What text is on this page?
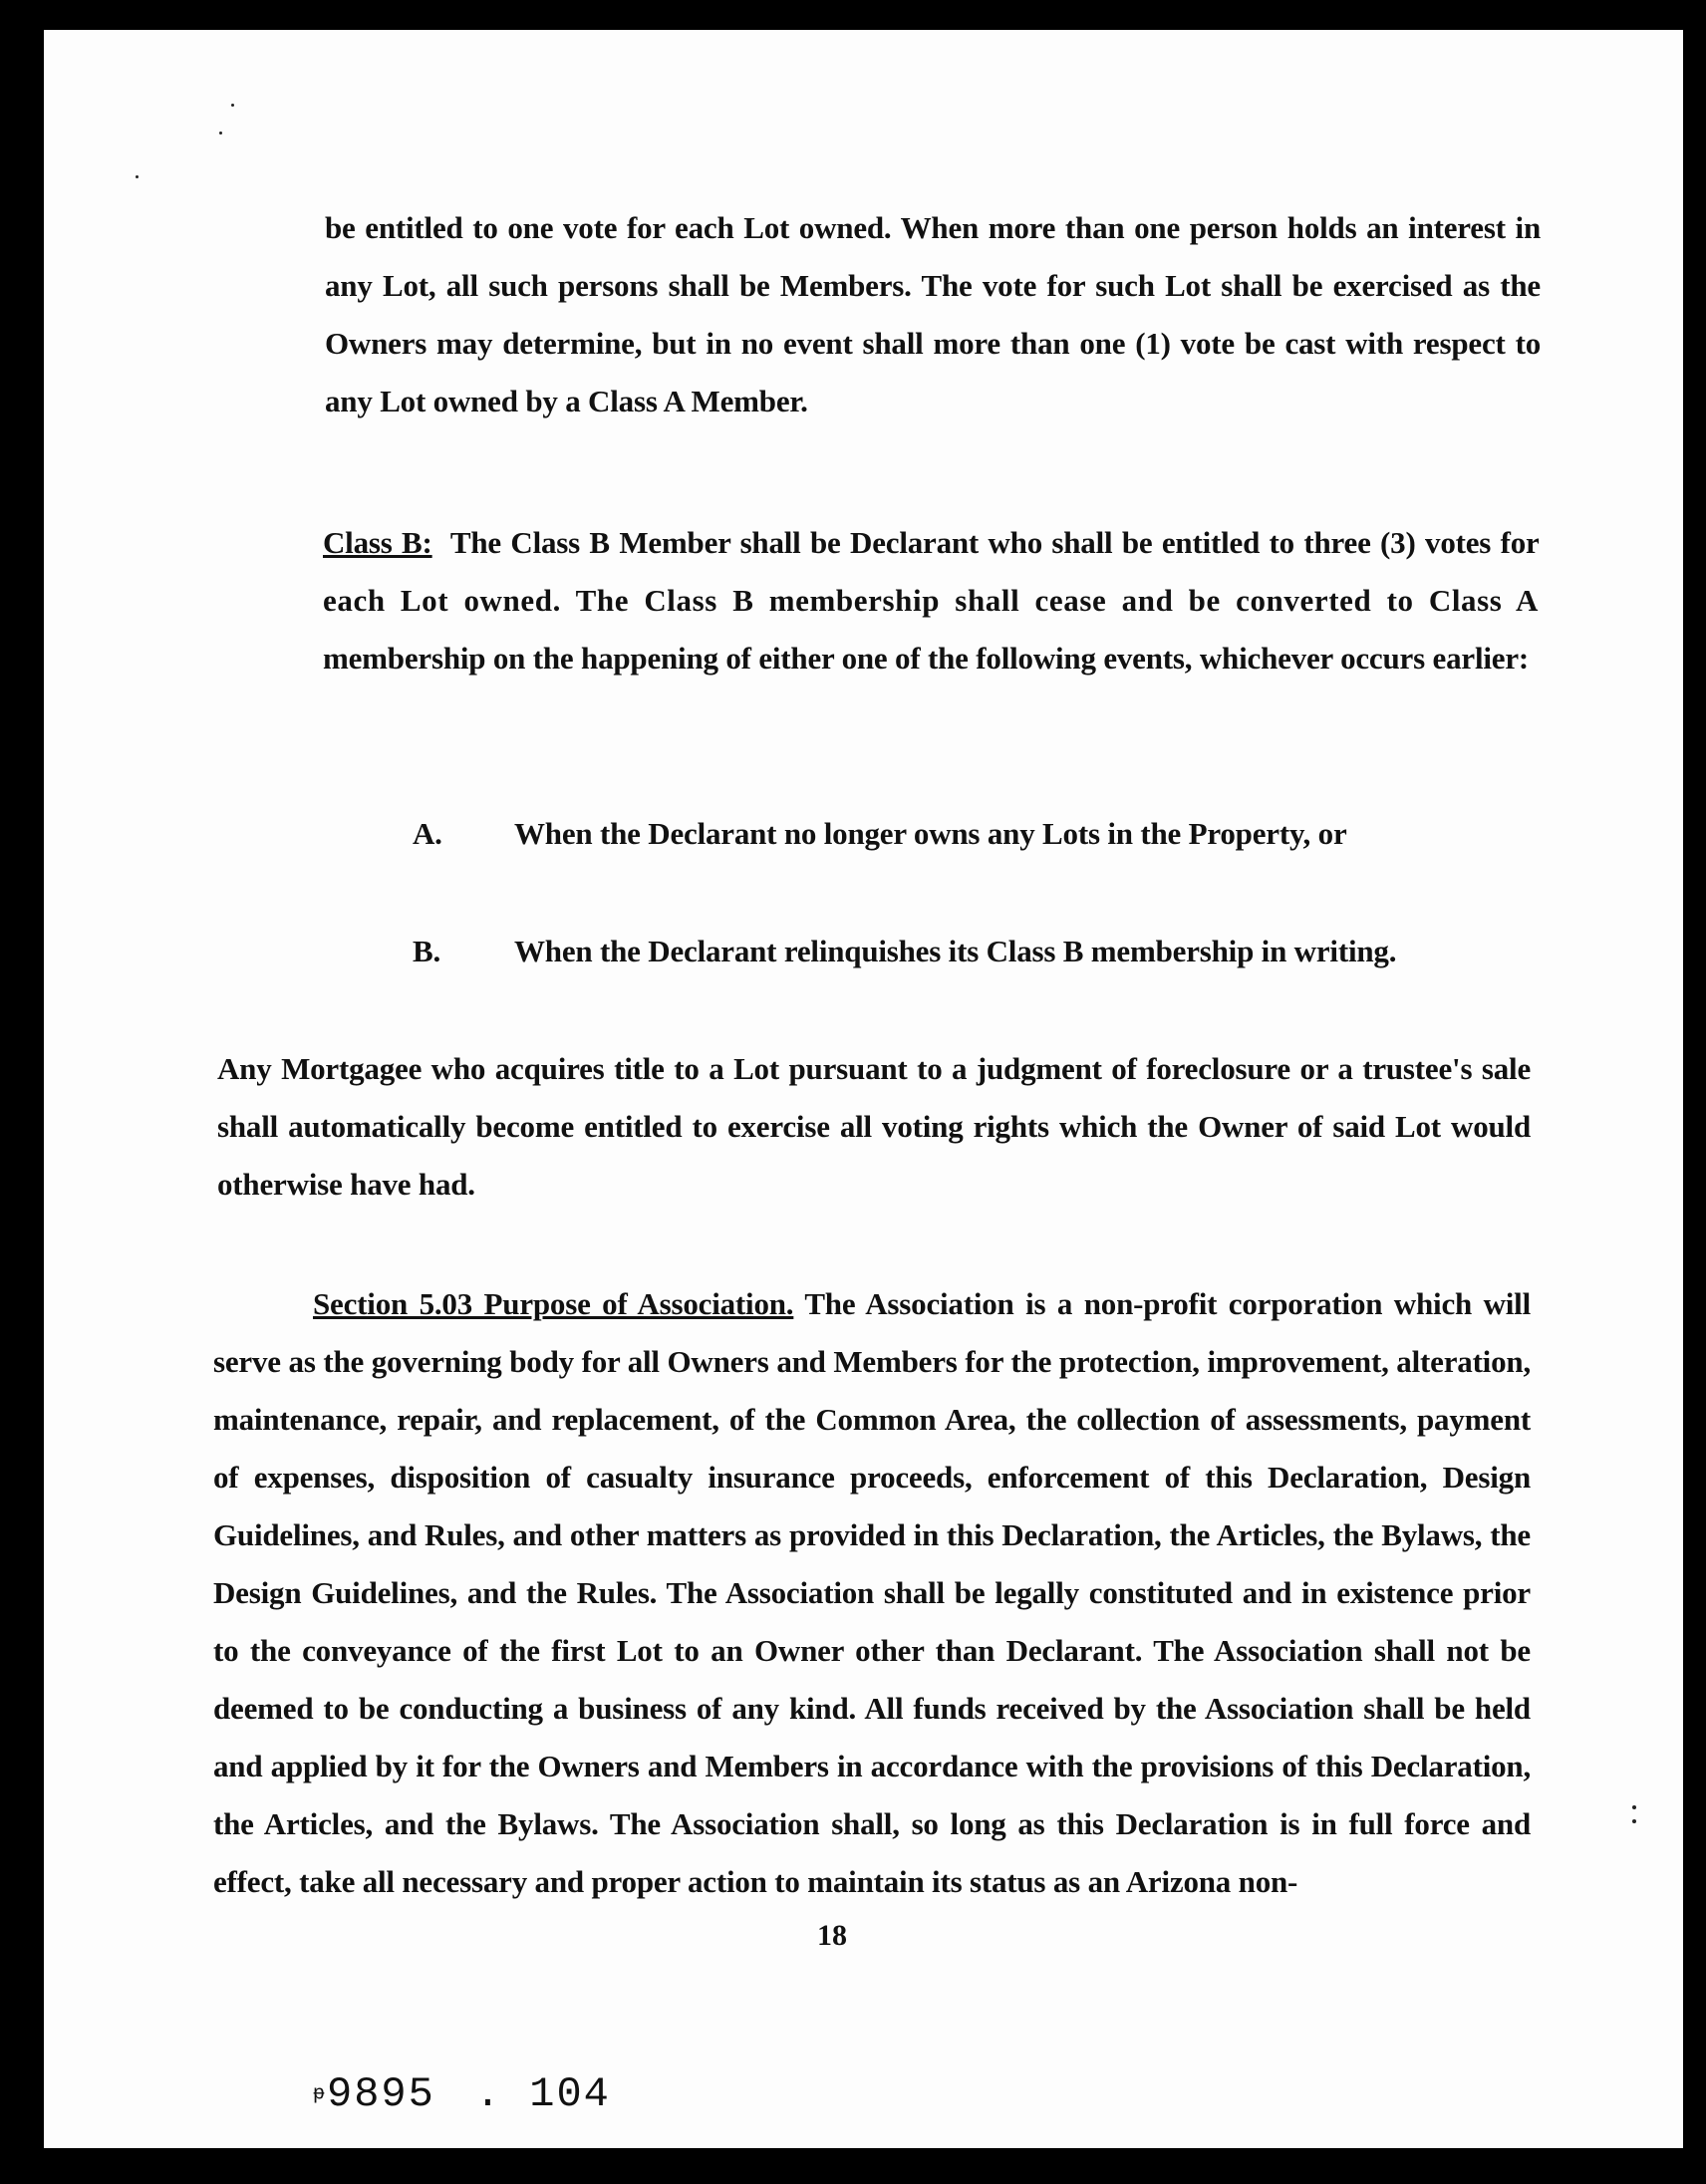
be entitled to one vote for each Lot owned. When more than one person holds an interest in any Lot, all such persons shall be Members. The vote for such Lot shall be exercised as the Owners may determine, but in no event shall more than one (1) vote be cast with respect to any Lot owned by a Class A Member.
Class B: The Class B Member shall be Declarant who shall be entitled to three (3) votes for each Lot owned. The Class B membership shall cease and be converted to Class A membership on the happening of either one of the following events, whichever occurs earlier:
A. When the Declarant no longer owns any Lots in the Property, or
B. When the Declarant relinquishes its Class B membership in writing.
Any Mortgagee who acquires title to a Lot pursuant to a judgment of foreclosure or a trustee's sale shall automatically become entitled to exercise all voting rights which the Owner of said Lot would otherwise have had.
Section 5.03 Purpose of Association. The Association is a non-profit corporation which will serve as the governing body for all Owners and Members for the protection, improvement, alteration, maintenance, repair, and replacement, of the Common Area, the collection of assessments, payment of expenses, disposition of casualty insurance proceeds, enforcement of this Declaration, Design Guidelines, and Rules, and other matters as provided in this Declaration, the Articles, the Bylaws, the Design Guidelines, and the Rules. The Association shall be legally constituted and in existence prior to the conveyance of the first Lot to an Owner other than Declarant. The Association shall not be deemed to be conducting a business of any kind. All funds received by the Association shall be held and applied by it for the Owners and Members in accordance with the provisions of this Declaration, the Articles, and the Bylaws. The Association shall, so long as this Declaration is in full force and effect, take all necessary and proper action to maintain its status as an Arizona non-
18
ᵽ9895 . 104
